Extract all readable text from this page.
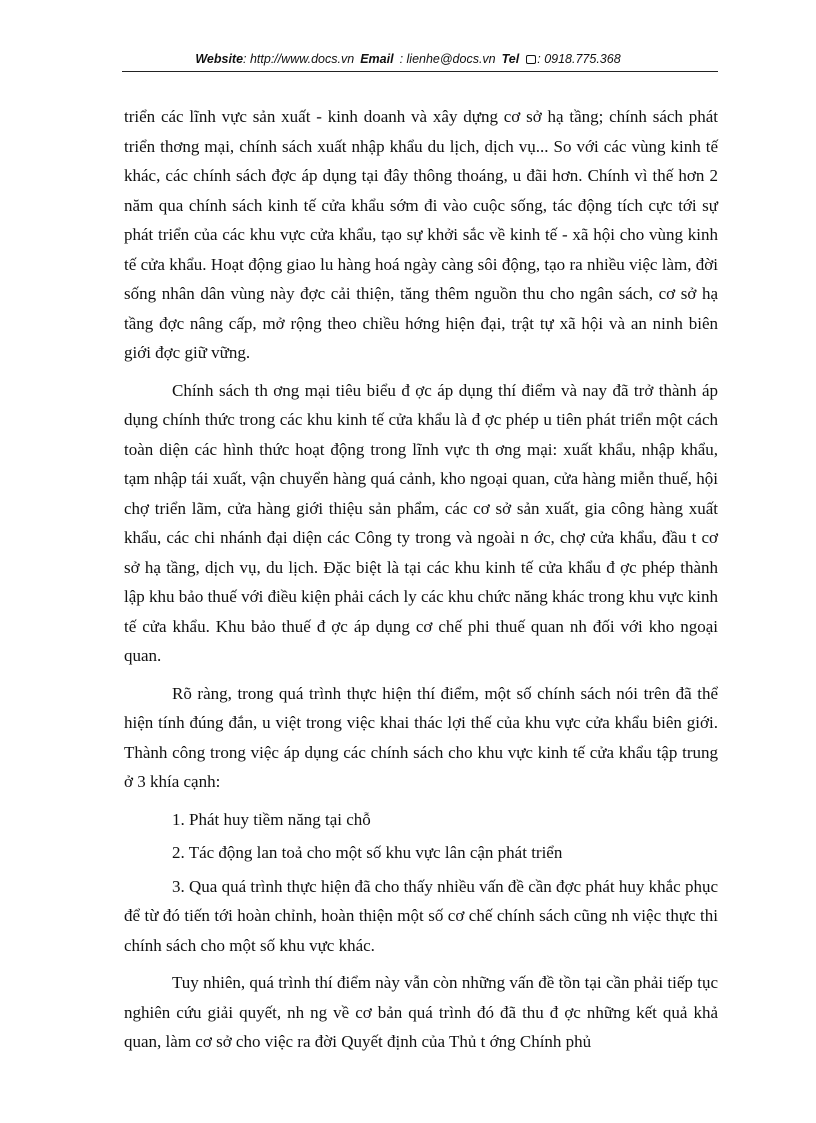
Website: http://www.docs.vn Email : lienhe@docs.vn Tel : 0918.775.368

triển các lĩnh vực sản xuất - kinh doanh và xây dựng cơ sở hạ tầng; chính sách phát triển thơng mại, chính sách xuất nhập khẩu du lịch, dịch vụ... So với các vùng kinh tế khác, các chính sách đợc áp dụng tại đây thông thoáng, u đãi hơn. Chính vì thế hơn 2 năm qua chính sách kinh tế cửa khẩu sớm đi vào cuộc sống, tác động tích cực tới sự phát triển của các khu vực cửa khẩu, tạo sự khởi sắc về kinh tế - xã hội cho vùng kinh tế cửa khẩu. Hoạt động giao lu hàng hoá ngày càng sôi động, tạo ra nhiều việc làm, đời sống nhân dân vùng này đợc cải thiện, tăng thêm nguồn thu cho ngân sách, cơ sở hạ tầng đợc nâng cấp, mở rộng theo chiều hớng hiện đại, trật tự xã hội và an ninh biên giới đợc giữ vững.

Chính sách th ơng mại tiêu biểu đ ợc áp dụng thí điểm và nay đã trở thành áp dụng chính thức trong các khu kinh tế cửa khẩu là đ ợc phép u tiên phát triển một cách toàn diện các hình thức hoạt động trong lĩnh vực th ơng mại: xuất khẩu, nhập khẩu, tạm nhập tái xuất, vận chuyển hàng quá cảnh, kho ngoại quan, cửa hàng miễn thuế, hội chợ triển lãm, cửa hàng giới thiệu sản phẩm, các cơ sở sản xuất, gia công hàng xuất khẩu, các chi nhánh đại diện các Công ty trong và ngoài n ớc, chợ cửa khẩu, đầu t cơ sở hạ tầng, dịch vụ, du lịch. Đặc biệt là tại các khu kinh tế cửa khẩu đ ợc phép thành lập khu bảo thuế với điều kiện phải cách ly các khu chức năng khác trong khu vực kinh tế cửa khẩu. Khu bảo thuế đ ợc áp dụng cơ chế phi thuế quan nh đối với kho ngoại quan.

Rõ ràng, trong quá trình thực hiện thí điểm, một số chính sách nói trên đã thể hiện tính đúng đắn, u việt trong việc khai thác lợi thế của khu vực cửa khẩu biên giới. Thành công trong việc áp dụng các chính sách cho khu vực kinh tế cửa khẩu tập trung ở 3 khía cạnh:

1. Phát huy tiềm năng tại chỗ

2. Tác động lan toả cho một số khu vực lân cận phát triển

3. Qua quá trình thực hiện đã cho thấy nhiều vấn đề cần đợc phát huy khắc phục để từ đó tiến tới hoàn chỉnh, hoàn thiện một số cơ chế chính sách cũng nh việc thực thi chính sách cho một số khu vực khác.

Tuy nhiên, quá trình thí điểm này vẫn còn những vấn đề tồn tại cần phải tiếp tục nghiên cứu giải quyết, nh ng về cơ bản quá trình đó đã thu đ ợc những kết quả khả quan, làm cơ sở cho việc ra đời Quyết định của Thủ t ớng Chính phủ
